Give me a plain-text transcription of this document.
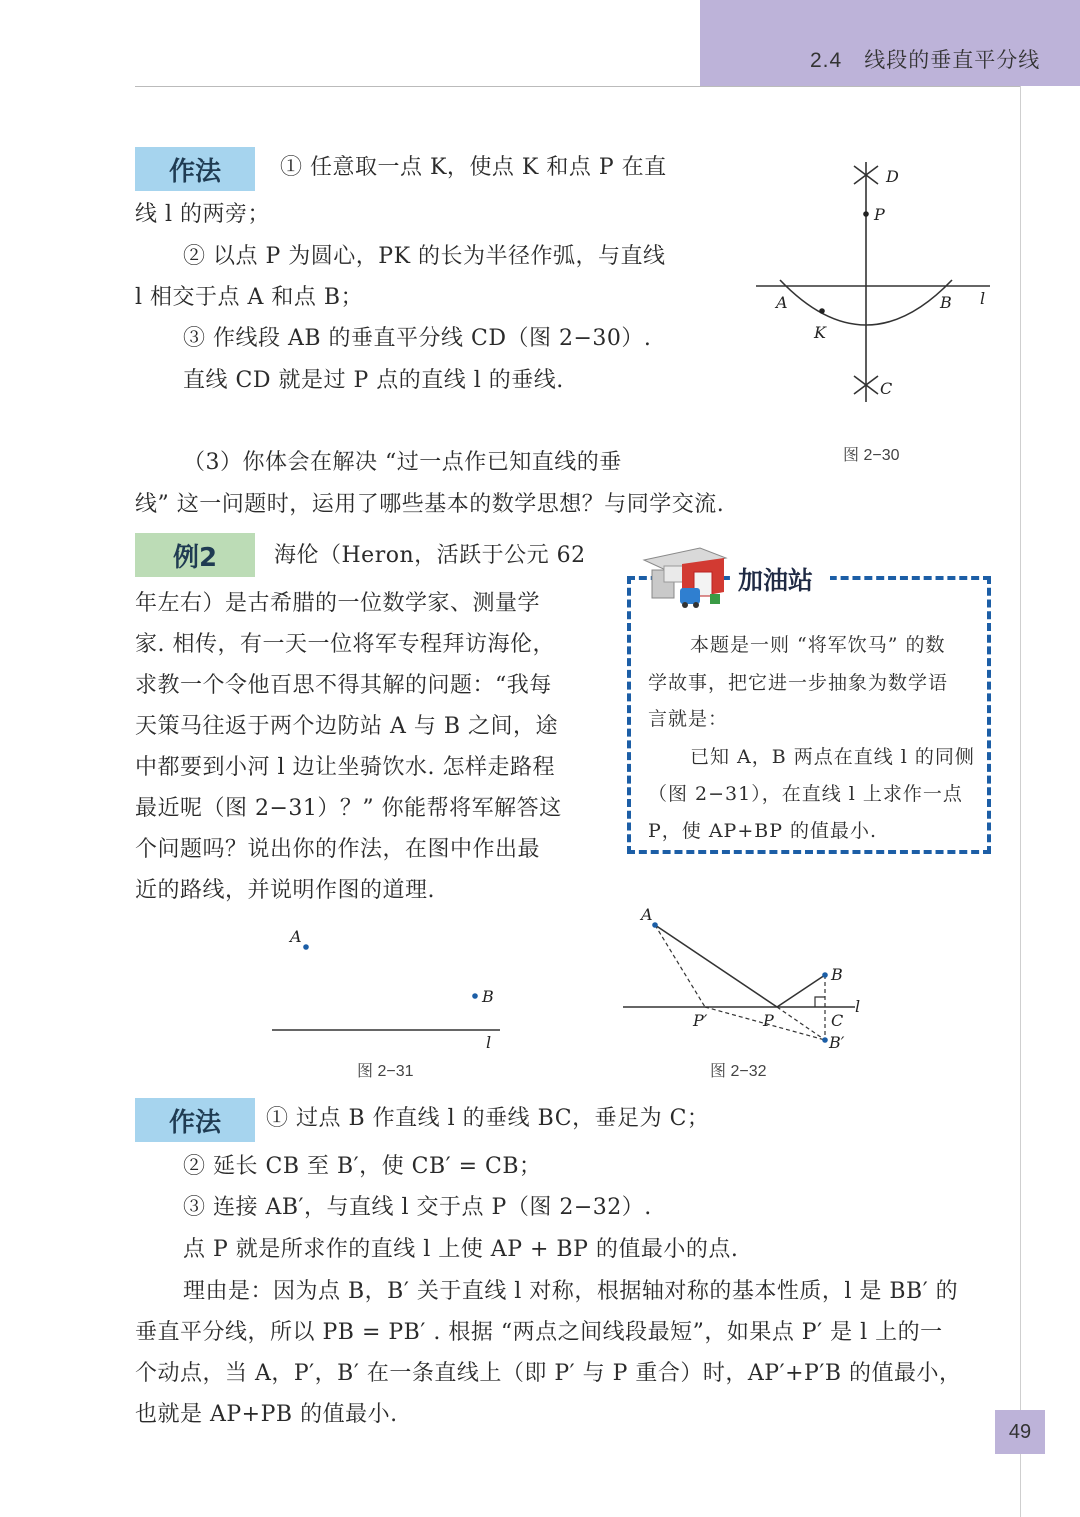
2.4　线段的垂直平分线
作法	① 任意取一点 K，使点 K 和点 P 在直
线 l 的两旁；
② 以点 P 为圆心，PK 的长为半径作弧，与直线
l 相交于点 A 和点 B；
③ 作线段 AB 的垂直平分线 CD（图 2−30）.
直线 CD 就是过 P 点的直线 l 的垂线.
D
P
A	B l
K
C
图 2−30
（3）你体会在解决 “过一点作已知直线的垂
线” 这一问题时，运用了哪些基本的数学思想？与同学交流.
例2	海伦（Heron，活跃于公元 62
年左右）是古希腊的一位数学家、测量学
家. 相传，有一天一位将军专程拜访海伦，
求教一个令他百思不得其解的问题：“我每
天策马往返于两个边防站 A 与 B 之间，途
中都要到小河 l 边让坐骑饮水. 怎样走路程
最近呢（图 2−31）？” 你能帮将军解答这
个问题吗？说出你的作法，在图中作出最
近的路线，并说明作图的道理.
加油站
本题是一则 “将军饮马” 的数
学故事，把它进一步抽象为数学语
言就是：
已知 A，B 两点在直线 l 的同侧
（图 2−31），在直线 l 上求作一点
P，使 AP+BP 的值最小.
A
B
l
图 2−31
A
B
P′	P	C
B′
l
图 2−32
作法	① 过点 B 作直线 l 的垂线 BC，垂足为 C；
② 延长 CB 至 B′，使 CB′ = CB；
③ 连接 AB′，与直线 l 交于点 P（图 2−32）.
点 P 就是所求作的直线 l 上使 AP + BP 的值最小的点.
理由是：因为点 B，B′ 关于直线 l 对称，根据轴对称的基本性质，l 是 BB′ 的
垂直平分线，所以 PB = PB′ . 根据 “两点之间线段最短”，如果点 P′ 是 l 上的一
个动点，当 A，P′，B′ 在一条直线上（即 P′ 与 P 重合）时，AP′+P′B 的值最小，
也就是 AP+PB 的值最小.
49
